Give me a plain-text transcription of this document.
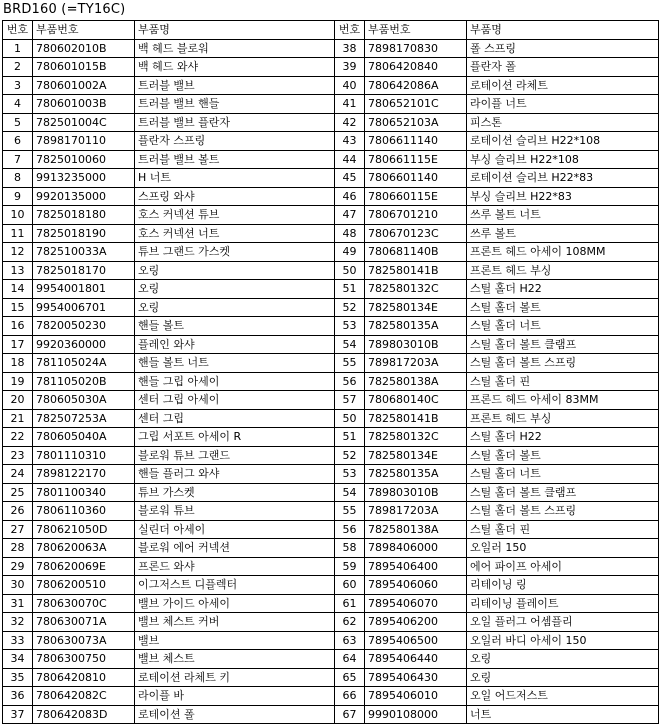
BRD160 (=TY16C)
번호	부품번호	부품명	번호	부품번호	부품명
1	780602010B	백 헤드 블로워	38	7898170830	폴 스프링
2	780601015B	백 헤드 와샤	39	7806420840	플란자 폴
3	780601002A	트러블 밸브	40	780642086A	로테이션 라체트
4	780601003B	트러블 밸브 핸들	41	780652101C	라이플 너트
5	782501004C	트러블 밸브 플란자	42	780652103A	피스톤
6	7898170110	플란자 스프링	43	7806611140	로테이션 슬리브 H22*108
7	7825010060	트러블 밸브 볼트	44	780661115E	부싱 슬리브 H22*108
8	9913235000	H 너트	45	7806601140	로테이션 슬리브 H22*83
9	9920135000	스프링 와샤	46	780660115E	부싱 슬리브 H22*83
10	7825018180	호스 커넥션 튜브	47	7806701210	쓰루 볼트 너트
11	7825018190	호스 커넥션 너트	48	780670123C	쓰루 볼트
12	782510033A	튜브 그랜드 가스켓	49	780681140B	프론트 헤드 아세이 108MM
13	7825018170	오링	50	782580141B	프론트 헤드 부싱
14	9954001801	오링	51	782580132C	스틸 홀더 H22
15	9954006701	오링	52	782580134E	스틸 홀더 볼트
16	7820050230	핸들 볼트	53	782580135A	스틸 홀더 너트
17	9920360000	플레인 와샤	54	789803010B	스틸 홀더 볼트 클램프
18	781105024A	핸들 볼트 너트	55	789817203A	스틸 홀더 볼트 스프링
19	781105020B	핸들 그립 아세이	56	782580138A	스틸 홀더 핀
20	780605030A	센터 그립 아세이	57	780680140C	프론드 헤드 아세이 83MM
21	782507253A	센터 그립	50	782580141B	프론트 헤드 부싱
22	780605040A	그립 서포트 아세이 R	51	782580132C	스틸 홀더 H22
23	7801110310	블로워 튜브 그랜드	52	782580134E	스틸 홀더 볼트
24	7898122170	핸들 플러그 와샤	53	782580135A	스틸 홀더 너트
25	7801100340	튜브 가스켓	54	789803010B	스틸 홀더 볼트 클램프
26	7806110360	블로워 튜브	55	789817203A	스틸 홀더 볼트 스프링
27	780621050D	실린더 아세이	56	782580138A	스틸 홀더 핀
28	780620063A	블로워 에어 커넥션	58	7898406000	오일러 150
29	780620069E	프론드 와샤	59	7895406400	에어 파이프 아세이
30	7806200510	이그저스트 디플렉터	60	7895406060	리테이닝 링
31	780630070C	밸브 가이드 아세이	61	7895406070	리테이닝 플레이트
32	780630071A	밸브 체스트 커버	62	7895406200	오일 플러그 어셈플리
33	780630073A	밸브	63	7895406500	오일러 바디 아세이 150
34	7806300750	밸브 체스트	64	7895406440	오링
35	7806420810	로테이션 라체트 키	65	7895406430	오링
36	780642082C	라이플 바	66	7895406010	오일 어드저스트
37	780642083D	로테이션 폴	67	9990108000	너트
